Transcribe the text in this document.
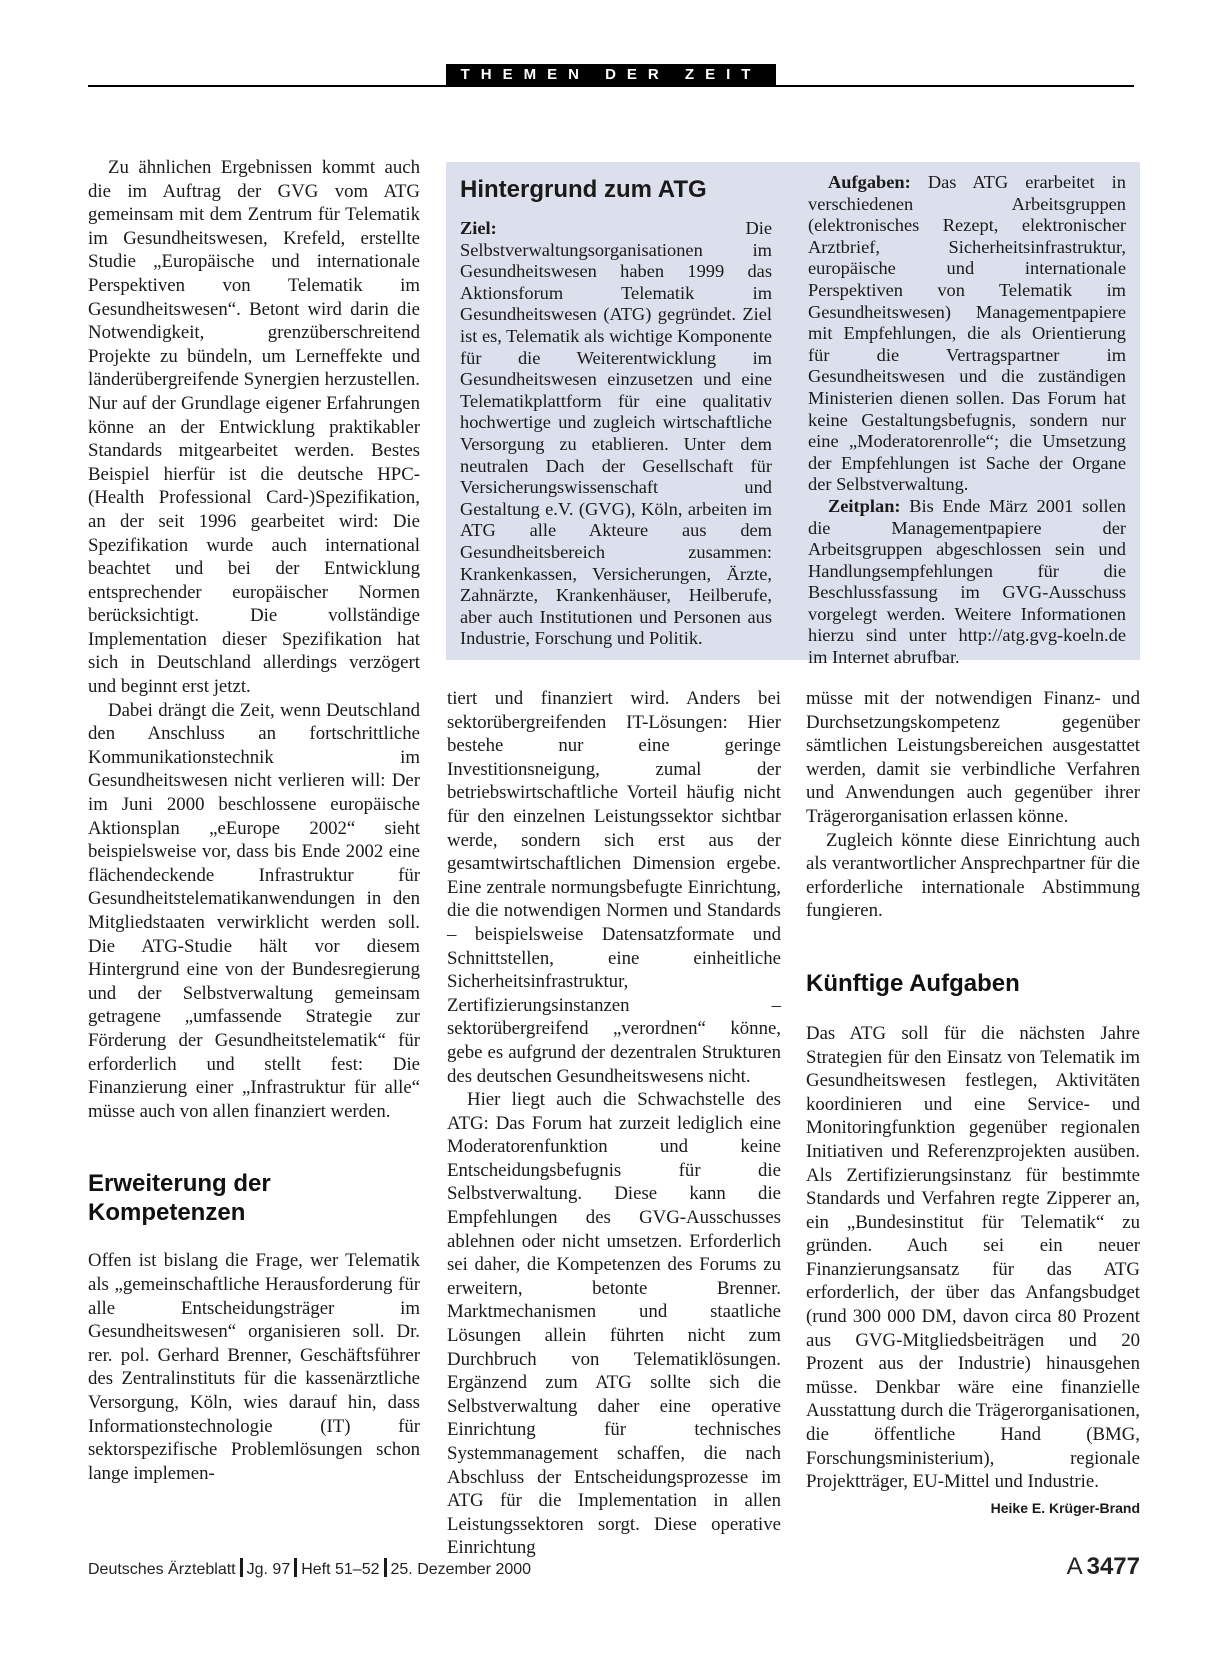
THEMEN DER ZEIT

Zu ähnlichen Ergebnissen kommt auch die im Auftrag der GVG vom ATG gemeinsam mit dem Zentrum für Telematik im Gesundheitswesen, Krefeld, erstellte Studie „Europäische und internationale Perspektiven von Telematik im Gesundheitswesen“. Betont wird darin die Notwendigkeit, grenzüberschreitend Projekte zu bündeln, um Lerneffekte und länderübergreifende Synergien herzustellen. Nur auf der Grundlage eigener Erfahrungen könne an der Entwicklung praktikabler Standards mitgearbeitet werden. Bestes Beispiel hierfür ist die deutsche HPC-(Health Professional Card-)Spezifikation, an der seit 1996 gearbeitet wird: Die Spezifikation wurde auch international beachtet und bei der Entwicklung entsprechender europäischer Normen berücksichtigt. Die vollständige Implementation dieser Spezifikation hat sich in Deutschland allerdings verzögert und beginnt erst jetzt.

Dabei drängt die Zeit, wenn Deutschland den Anschluss an fortschrittliche Kommunikationstechnik im Gesundheitswesen nicht verlieren will: Der im Juni 2000 beschlossene europäische Aktionsplan „eEurope 2002“ sieht beispielsweise vor, dass bis Ende 2002 eine flächendeckende Infrastruktur für Gesundheitstelematikanwendungen in den Mitgliedstaaten verwirklicht werden soll. Die ATG-Studie hält vor diesem Hintergrund eine von der Bundesregierung und der Selbstverwaltung gemeinsam getragene „umfassende Strategie zur Förderung der Gesundheitstelematik“ für erforderlich und stellt fest: Die Finanzierung einer „Infrastruktur für alle“ müsse auch von allen finanziert werden.

Erweiterung der Kompetenzen

Offen ist bislang die Frage, wer Telematik als „gemeinschaftliche Herausforderung für alle Entscheidungsträger im Gesundheitswesen“ organisieren soll. Dr. rer. pol. Gerhard Brenner, Geschäftsführer des Zentralinstituts für die kassenärztliche Versorgung, Köln, wies darauf hin, dass Informationstechnologie (IT) für sektorspezifische Problemlösungen schon lange implemen-

Hintergrund zum ATG

Ziel: Die Selbstverwaltungsorganisationen im Gesundheitswesen haben 1999 das Aktionsforum Telematik im Gesundheitswesen (ATG) gegründet. Ziel ist es, Telematik als wichtige Komponente für die Weiterentwicklung im Gesundheitswesen einzusetzen und eine Telematikplattform für eine qualitativ hochwertige und zugleich wirtschaftliche Versorgung zu etablieren. Unter dem neutralen Dach der Gesellschaft für Versicherungswissenschaft und Gestaltung e.V. (GVG), Köln, arbeiten im ATG alle Akteure aus dem Gesundheitsbereich zusammen: Krankenkassen, Versicherungen, Ärzte, Zahnärzte, Krankenhäuser, Heilberufe, aber auch Institutionen und Personen aus Industrie, Forschung und Politik.

Aufgaben: Das ATG erarbeitet in verschiedenen Arbeitsgruppen (elektronisches Rezept, elektronischer Arztbrief, Sicherheitsinfrastruktur, europäische und internationale Perspektiven von Telematik im Gesundheitswesen) Managementpapiere mit Empfehlungen, die als Orientierung für die Vertragspartner im Gesundheitswesen und die zuständigen Ministerien dienen sollen. Das Forum hat keine Gestaltungsbefugnis, sondern nur eine „Moderatorenrolle“; die Umsetzung der Empfehlungen ist Sache der Organe der Selbstverwaltung.

Zeitplan: Bis Ende März 2001 sollen die Managementpapiere der Arbeitsgruppen abgeschlossen sein und Handlungsempfehlungen für die Beschlussfassung im GVG-Ausschuss vorgelegt werden. Weitere Informationen hierzu sind unter http://atg.gvg-koeln.de im Internet abrufbar.

tiert und finanziert wird. Anders bei sektorübergreifenden IT-Lösungen: Hier bestehe nur eine geringe Investitionsneigung, zumal der betriebswirtschaftliche Vorteil häufig nicht für den einzelnen Leistungssektor sichtbar werde, sondern sich erst aus der gesamtwirtschaftlichen Dimension ergebe. Eine zentrale normungsbefugte Einrichtung, die die notwendigen Normen und Standards – beispielsweise Datensatzformate und Schnittstellen, eine einheitliche Sicherheitsinfrastruktur, Zertifizierungsinstanzen – sektorübergreifend „verordnen“ könne, gebe es aufgrund der dezentralen Strukturen des deutschen Gesundheitswesens nicht.

Hier liegt auch die Schwachstelle des ATG: Das Forum hat zurzeit lediglich eine Moderatorenfunktion und keine Entscheidungsbefugnis für die Selbstverwaltung. Diese kann die Empfehlungen des GVG-Ausschusses ablehnen oder nicht umsetzen. Erforderlich sei daher, die Kompetenzen des Forums zu erweitern, betonte Brenner. Marktmechanismen und staatliche Lösungen allein führten nicht zum Durchbruch von Telematiklösungen. Ergänzend zum ATG sollte sich die Selbstverwaltung daher eine operative Einrichtung für technisches Systemmanagement schaffen, die nach Abschluss der Entscheidungsprozesse im ATG für die Implementation in allen Leistungssektoren sorgt. Diese operative Einrichtung

müsse mit der notwendigen Finanz- und Durchsetzungskompetenz gegenüber sämtlichen Leistungsbereichen ausgestattet werden, damit sie verbindliche Verfahren und Anwendungen auch gegenüber ihrer Trägerorganisation erlassen könne.

Zugleich könnte diese Einrichtung auch als verantwortlicher Ansprechpartner für die erforderliche internationale Abstimmung fungieren.

Künftige Aufgaben

Das ATG soll für die nächsten Jahre Strategien für den Einsatz von Telematik im Gesundheitswesen festlegen, Aktivitäten koordinieren und eine Service- und Monitoringfunktion gegenüber regionalen Initiativen und Referenzprojekten ausüben. Als Zertifizierungsinstanz für bestimmte Standards und Verfahren regte Zipperer an, ein „Bundesinstitut für Telematik“ zu gründen. Auch sei ein neuer Finanzierungsansatz für das ATG erforderlich, der über das Anfangsbudget (rund 300 000 DM, davon circa 80 Prozent aus GVG-Mitgliedsbeiträgen und 20 Prozent aus der Industrie) hinausgehen müsse. Denkbar wäre eine finanzielle Ausstattung durch die Trägerorganisationen, die öffentliche Hand (BMG, Forschungsministerium), regionale Projektträger, EU-Mittel und Industrie.
Heike E. Krüger-Brand

Deutsches Ärzteblatt Jg. 97 Heft 51–52 25. Dezember 2000	A 3477
